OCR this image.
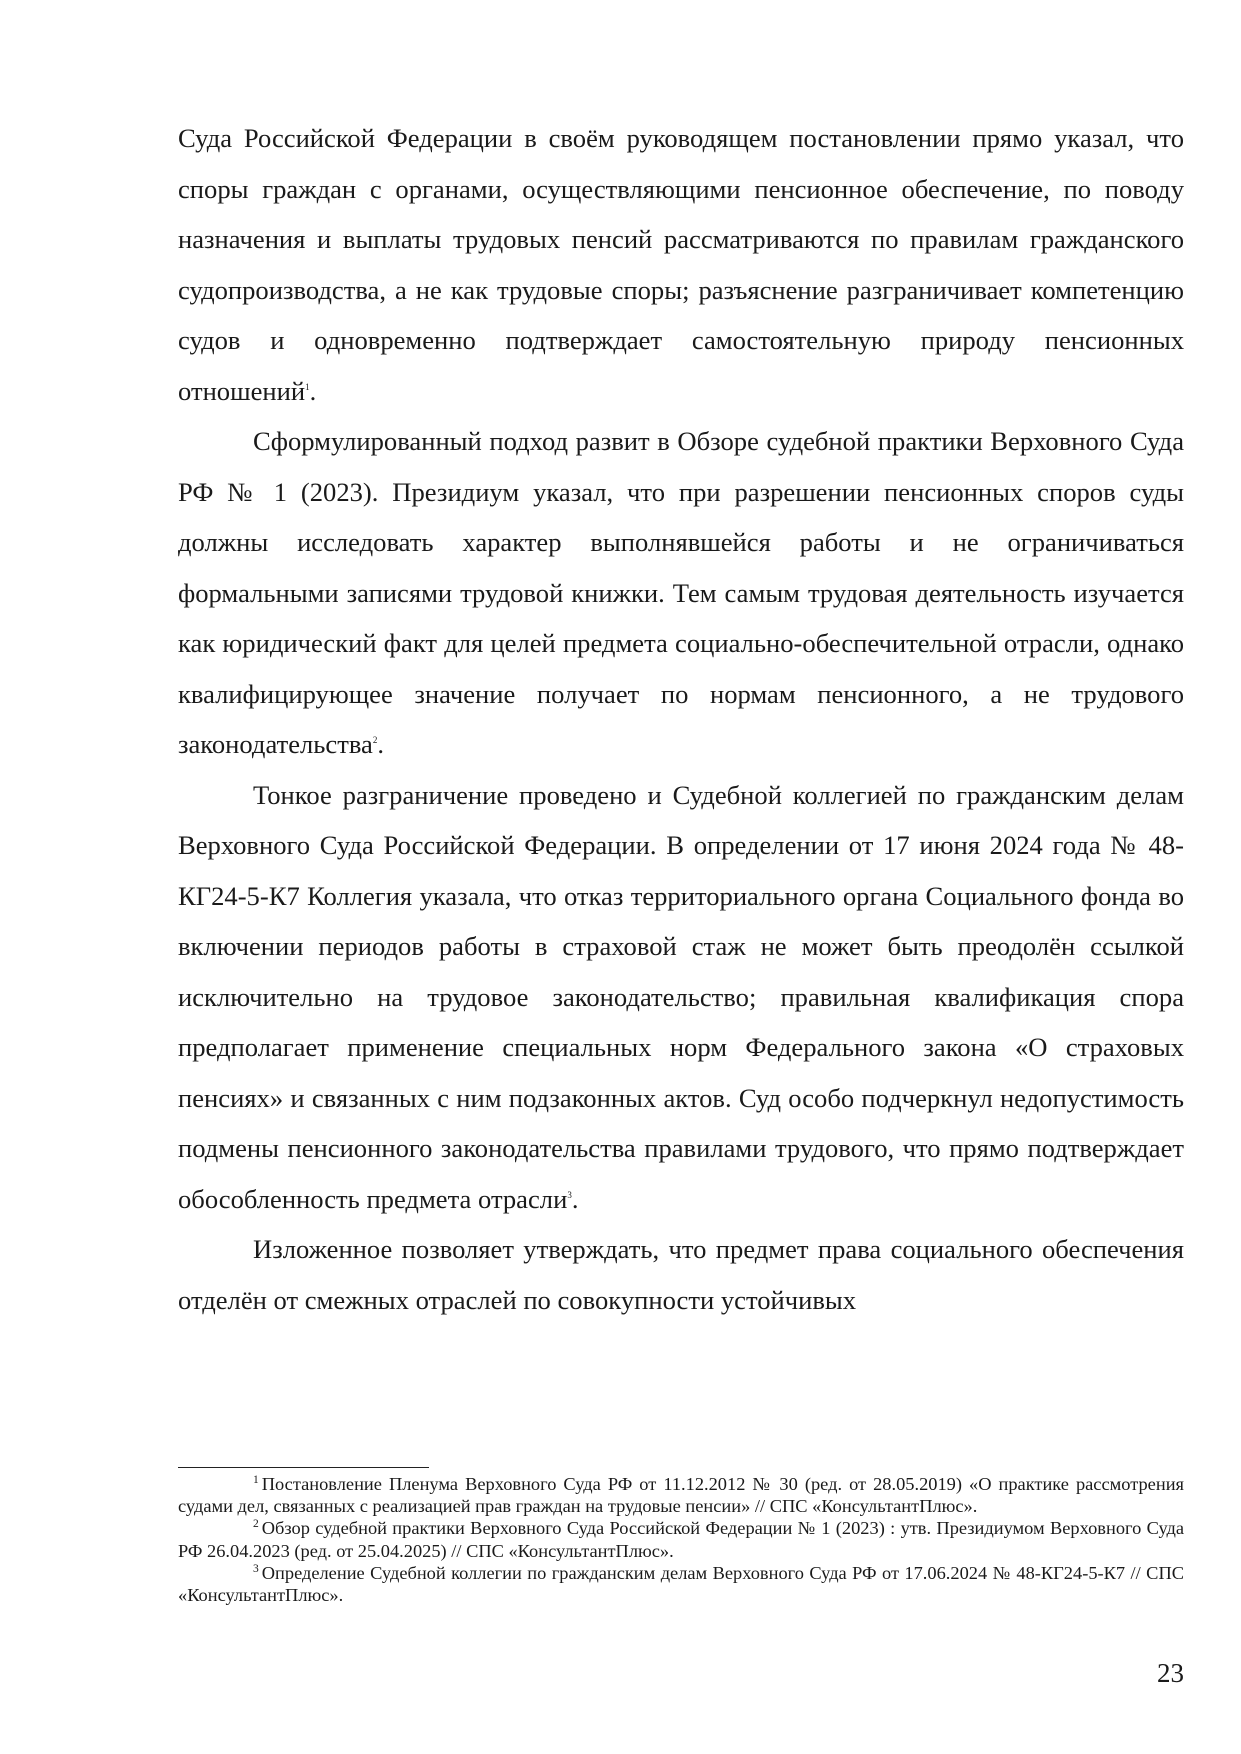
Суда Российской Федерации в своём руководящем постановлении прямо указал, что споры граждан с органами, осуществляющими пенсионное обеспечение, по поводу назначения и выплаты трудовых пенсий рассматриваются по правилам гражданского судопроизводства, а не как трудовые споры; разъяснение разграничивает компетенцию судов и одновременно подтверждает самостоятельную природу пенсионных отношений$^1$.

Сформулированный подход развит в Обзоре судебной практики Верховного Суда РФ № 1 (2023). Президиум указал, что при разрешении пенсионных споров суды должны исследовать характер выполнявшейся работы и не ограничиваться формальными записями трудовой книжки. Тем самым трудовая деятельность изучается как юридический факт для целей предмета социально-обеспечительной отрасли, однако квалифицирующее значение получает по нормам пенсионного, а не трудового законодательства$^2$.

Тонкое разграничение проведено и Судебной коллегией по гражданским делам Верховного Суда Российской Федерации. В определении от 17 июня 2024 года № 48-КГ24-5-К7 Коллегия указала, что отказ территориального органа Социального фонда во включении периодов работы в страховой стаж не может быть преодолён ссылкой исключительно на трудовое законодательство; правильная квалификация спора предполагает применение специальных норм Федерального закона «О страховых пенсиях» и связанных с ним подзаконных актов. Суд особо подчеркнул недопустимость подмены пенсионного законодательства правилами трудового, что прямо подтверждает обособленность предмета отрасли$^3$.

Изложенное позволяет утверждать, что предмет права социального обеспечения отделён от смежных отраслей по совокупности устойчивых

$^1$ Постановление Пленума Верховного Суда РФ от 11.12.2012 № 30 (ред. от 28.05.2019) «О практике рассмотрения судами дел, связанных с реализацией прав граждан на трудовые пенсии» // СПС «КонсультантПлюс».

$^2$ Обзор судебной практики Верховного Суда Российской Федерации № 1 (2023) : утв. Президиумом Верховного Суда РФ 26.04.2023 (ред. от 25.04.2025) // СПС «КонсультантПлюс».

$^3$ Определение Судебной коллегии по гражданским делам Верховного Суда РФ от 17.06.2024 № 48-КГ24-5-К7 // СПС «КонсультантПлюс».

23
